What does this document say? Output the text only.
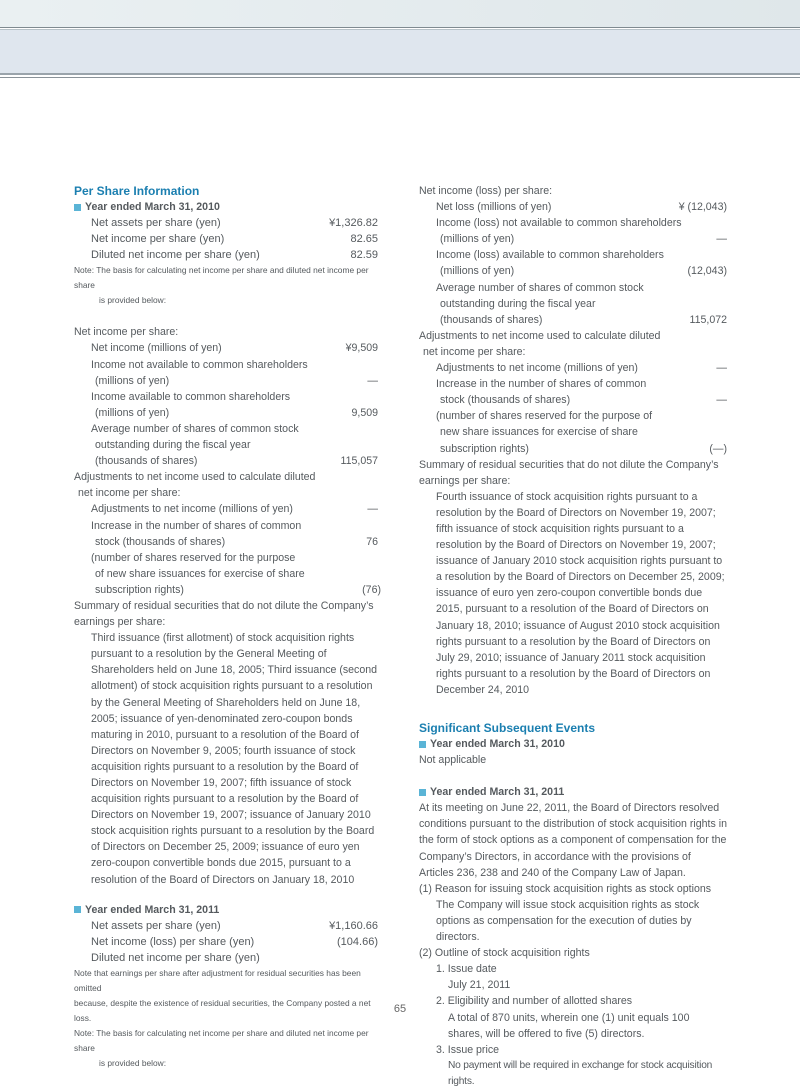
Per Share Information
Year ended March 31, 2010
Net assets per share (yen)	¥1,326.82
Net income per share (yen)	82.65
Diluted net income per share (yen)	82.59
Note: The basis for calculating net income per share and diluted net income per share
is provided below:
Net income per share:
Net income (millions of yen)	¥9,509
Income not available to common shareholders
(millions of yen)	—
Income available to common shareholders
(millions of yen)	9,509
Average number of shares of common stock
outstanding during the fiscal year
(thousands of shares)	115,057
Adjustments to net income used to calculate diluted
net income per share:
Adjustments to net income (millions of yen)	—
Increase in the number of shares of common
stock (thousands of shares)	76
(number of shares reserved for the purpose
of new share issuances for exercise of share
subscription rights)	(76)
Summary of residual securities that do not dilute the Company’s
earnings per share:
Third issuance (first allotment) of stock acquisition rights pursuant to a resolution by the General Meeting of Shareholders held on June 18, 2005; Third issuance (second allotment) of stock acquisition rights pursuant to a resolution by the General Meeting of Shareholders held on June 18, 2005; issuance of yen-denominated zero-coupon bonds maturing in 2010, pursuant to a resolution of the Board of Directors on November 9, 2005; fourth issuance of stock acquisition rights pursuant to a resolution by the Board of Directors on November 19, 2007; fifth issuance of stock acquisition rights pursuant to a resolution by the Board of Directors on November 19, 2007; issuance of January 2010 stock acquisition rights pursuant to a resolution by the Board of Directors on December 25, 2009; issuance of euro yen zero-coupon convertible bonds due 2015, pursuant to a resolution of the Board of Directors on January 18, 2010
Year ended March 31, 2011
Net assets per share (yen)	¥1,160.66
Net income (loss) per share (yen)	(104.66)
Diluted net income per share (yen)
Note that earnings per share after adjustment for residual securities has been omitted
because, despite the existence of residual securities, the Company posted a net loss.
Note: The basis for calculating net income per share and diluted net income per share
is provided below:
Net income (loss) per share:
Net loss (millions of yen)	¥ (12,043)
Income (loss) not available to common shareholders
(millions of yen)	—
Income (loss) available to common shareholders
(millions of yen)	(12,043)
Average number of shares of common stock
outstanding during the fiscal year
(thousands of shares)	115,072
Adjustments to net income used to calculate diluted
net income per share:
Adjustments to net income (millions of yen)	—
Increase in the number of shares of common
stock (thousands of shares)	—
(number of shares reserved for the purpose of
new share issuances for exercise of share
subscription rights)	(—)
Summary of residual securities that do not dilute the Company’s
earnings per share:
Fourth issuance of stock acquisition rights pursuant to a resolution by the Board of Directors on November 19, 2007; fifth issuance of stock acquisition rights pursuant to a resolution by the Board of Directors on November 19, 2007; issuance of January 2010 stock acquisition rights pursuant to a resolution by the Board of Directors on December 25, 2009; issuance of euro yen zero-coupon convertible bonds due 2015, pursuant to a resolution of the Board of Directors on January 18, 2010; issuance of August 2010 stock acquisition rights pursuant to a resolution by the Board of Directors on July 29, 2010; issuance of January 2011 stock acquisition rights pursuant to a resolution by the Board of Directors on December 24, 2010
Significant Subsequent Events
Year ended March 31, 2010
Not applicable
Year ended March 31, 2011
At its meeting on June 22, 2011, the Board of Directors resolved conditions pursuant to the distribution of stock acquisition rights in the form of stock options as a component of compensation for the Company’s Directors, in accordance with the provisions of Articles 236, 238 and 240 of the Company Law of Japan.
(1) Reason for issuing stock acquisition rights as stock options
The Company will issue stock acquisition rights as stock options as compensation for the execution of duties by directors.
(2) Outline of stock acquisition rights
1. Issue date
July 21, 2011
2. Eligibility and number of allotted shares
A total of 870 units, wherein one (1) unit equals 100 shares, will be offered to five (5) directors.
3. Issue price
No payment will be required in exchange for stock acquisition rights.
65
